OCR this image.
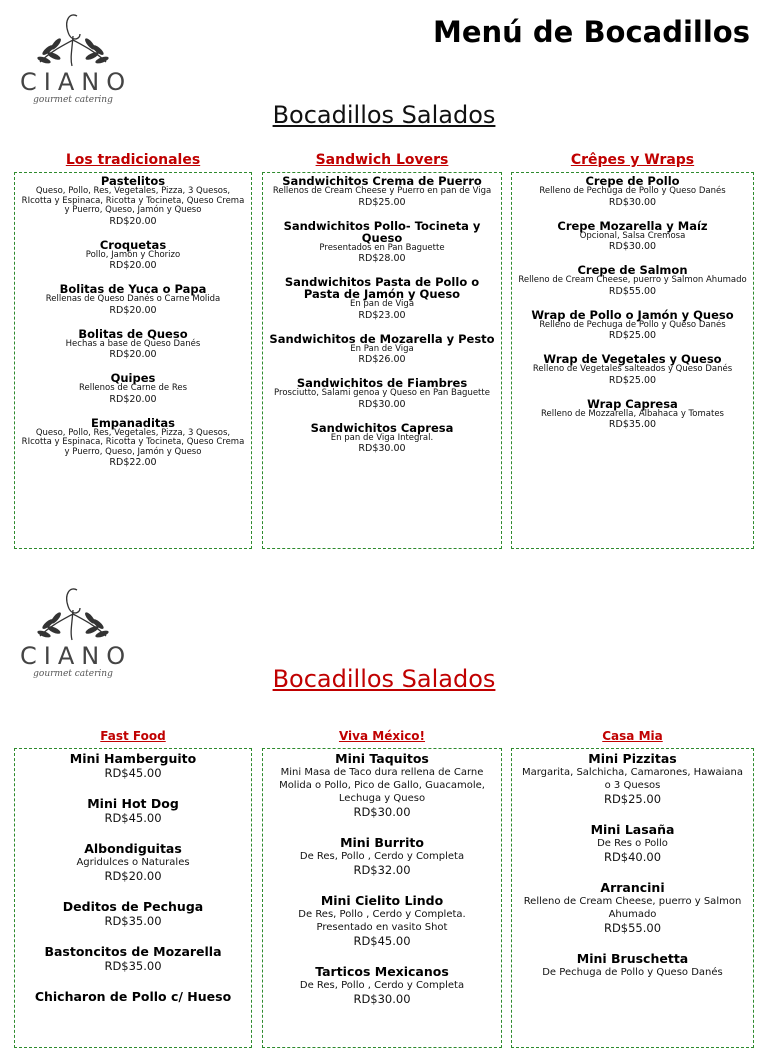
CIANO
gourmet catering
Menú de Bocadillos
Bocadillos Salados
Los tradicionales	Sandwich Lovers	Crêpes y Wraps
Pastelitos
Queso, Pollo, Res, Vegetales, Pizza, 3 Quesos, RIcotta y Espinaca, Ricotta y Tocineta, Queso Crema y Puerro, Queso, Jamón y Queso
RD$20.00
Croquetas
Pollo, Jamón y Chorizo
RD$20.00
Bolitas de Yuca o Papa
Rellenas de Queso Danés o Carne Molida
RD$20.00
Bolitas de Queso
Hechas a base de Queso Danés
RD$20.00
Quipes
Rellenos de Carne de Res
RD$20.00
Empanaditas
Queso, Pollo, Res, Vegetales, Pizza, 3 Quesos, RIcotta y Espinaca, Ricotta y Tocineta, Queso Crema y Puerro, Queso, Jamón y Queso
RD$22.00
Sandwichitos Crema de Puerro
Rellenos de Cream Cheese y Puerro en pan de Viga
RD$25.00
Sandwichitos Pollo- Tocineta y Queso
Presentados en Pan Baguette
RD$28.00
Sandwichitos Pasta de Pollo o Pasta de Jamón y Queso
En pan de Viga
RD$23.00
Sandwichitos de Mozarella y Pesto
En Pan de Viga
RD$26.00
Sandwichitos de Fiambres
Prosciutto, Salami genoa y Queso en Pan Baguette
RD$30.00
Sandwichitos Capresa
En pan de Viga Integral.
RD$30.00
Crepe de Pollo
Relleno de Pechuga de Pollo y Queso Danés
RD$30.00
Crepe Mozarella y Maíz
Opcional, Salsa Cremosa
RD$30.00
Crepe de Salmon
Relleno de Cream Cheese, puerro y Salmon Ahumado
RD$55.00
Wrap de Pollo o Jamón y Queso
Relleno de Pechuga de Pollo y Queso Danés
RD$25.00
Wrap de Vegetales y Queso
Relleno de Vegetales salteados y Queso Danés
RD$25.00
Wrap Capresa
Relleno de Mozzarella, Albahaca y Tomates
RD$35.00
CIANO
gourmet catering	Bocadillos Salados
Fast Food	Viva México!	Casa Mia
Mini Hamberguito
RD$45.00
Mini Hot Dog
RD$45.00
Albondiguitas
Agridulces o Naturales
RD$20.00
Deditos de Pechuga
RD$35.00
Bastoncitos de Mozarella
RD$35.00
Chicharon de Pollo c/ Hueso
Mini Taquitos
Mini Masa de Taco dura rellena de Carne Molida o Pollo, Pico de Gallo, Guacamole, Lechuga y Queso
RD$30.00
Mini Burrito
De Res, Pollo , Cerdo y Completa
RD$32.00
Mini Cielito Lindo
De Res, Pollo , Cerdo y Completa. Presentado en vasito Shot
RD$45.00
Tarticos Mexicanos
De Res, Pollo , Cerdo y Completa
RD$30.00
Mini Pizzitas
Margarita, Salchicha, Camarones, Hawaiana o 3 Quesos
RD$25.00
Mini Lasaña
De Res o Pollo
RD$40.00
Arrancini
Relleno de Cream Cheese, puerro y Salmon Ahumado
RD$55.00
Mini Bruschetta
De Pechuga de Pollo y Queso Danés
